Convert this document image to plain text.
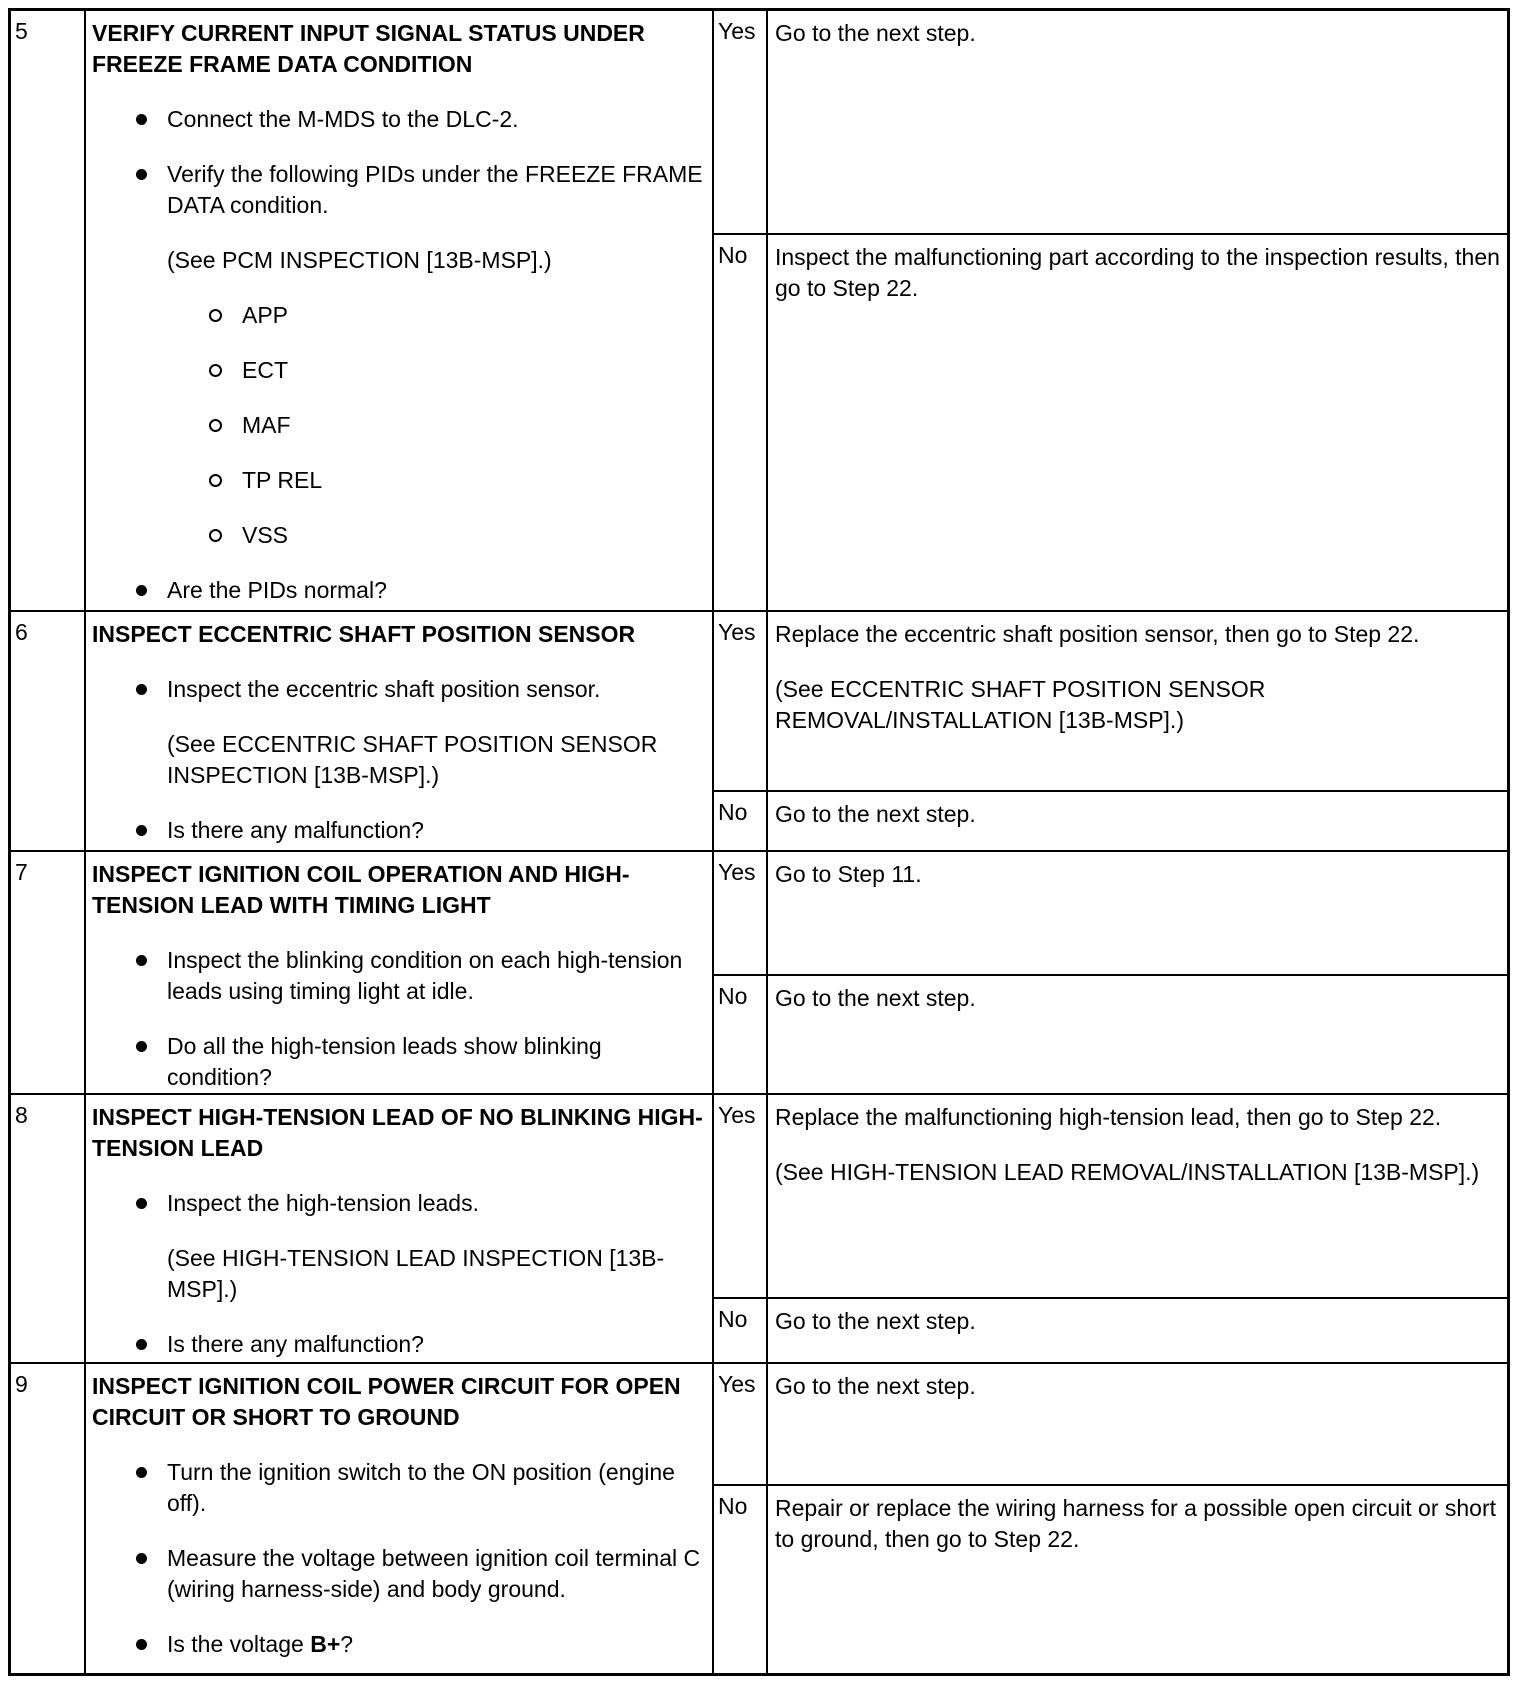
5	VERIFY CURRENT INPUT SIGNAL STATUS UNDER FREEZE FRAME DATA CONDITION
Connect the M-MDS to the DLC-2.
Verify the following PIDs under the FREEZE FRAME DATA condition.
(See PCM INSPECTION [13B-MSP].)
APP
ECT
MAF
TP REL
VSS
Are the PIDs normal?
Yes Go to the next step.
No	Inspect the malfunctioning part according to the inspection results, then go to Step 22.
6	INSPECT ECCENTRIC SHAFT POSITION SENSOR
Inspect the eccentric shaft position sensor.
(See ECCENTRIC SHAFT POSITION SENSOR INSPECTION [13B-MSP].)
Is there any malfunction?
Yes Replace the eccentric shaft position sensor, then go to Step 22.
(See ECCENTRIC SHAFT POSITION SENSOR REMOVAL/INSTALLATION [13B-MSP].)
No	Go to the next step.
7	INSPECT IGNITION COIL OPERATION AND HIGH-TENSION LEAD WITH TIMING LIGHT
Inspect the blinking condition on each high-tension leads using timing light at idle.
Do all the high-tension leads show blinking condition?
Yes Go to Step 11.
No	Go to the next step.
8	INSPECT HIGH-TENSION LEAD OF NO BLINKING HIGH-TENSION LEAD
Inspect the high-tension leads.
(See HIGH-TENSION LEAD INSPECTION [13B-MSP].)
Is there any malfunction?
Yes Replace the malfunctioning high-tension lead, then go to Step 22.
(See HIGH-TENSION LEAD REMOVAL/INSTALLATION [13B-MSP].)
No	Go to the next step.
9	INSPECT IGNITION COIL POWER CIRCUIT FOR OPEN CIRCUIT OR SHORT TO GROUND
Turn the ignition switch to the ON position (engine off).
Measure the voltage between ignition coil terminal C (wiring harness-side) and body ground.
Is the voltage B+?
Yes Go to the next step.
No	Repair or replace the wiring harness for a possible open circuit or short to ground, then go to Step 22.
